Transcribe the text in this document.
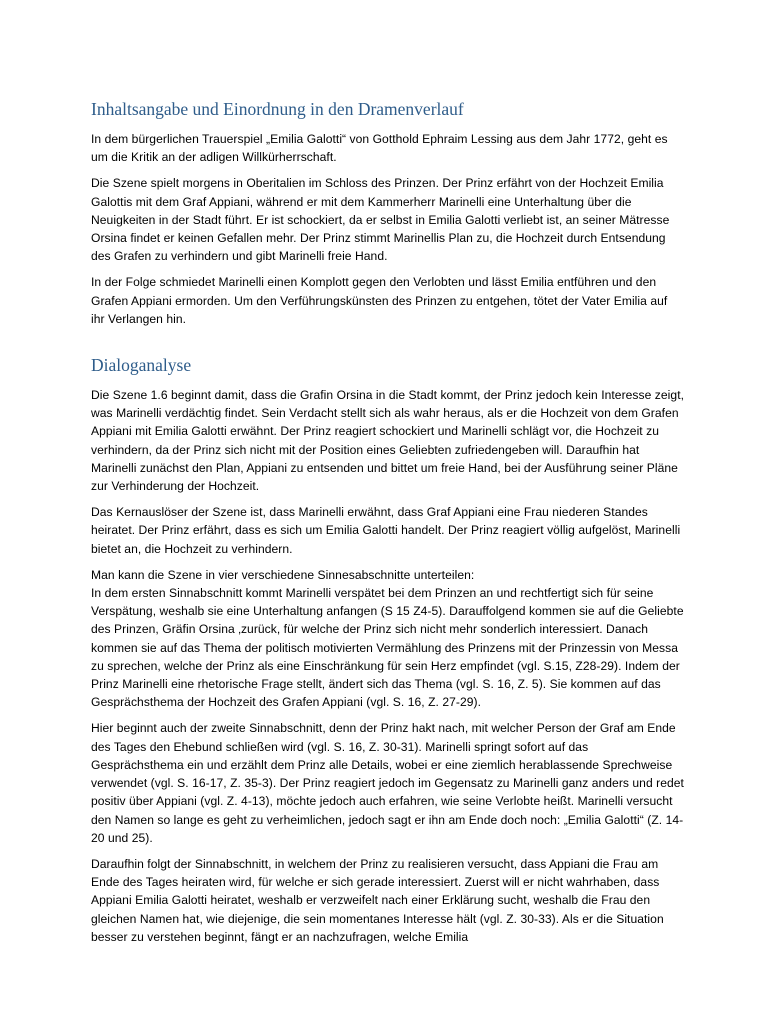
Inhaltsangabe und Einordnung in den Dramenverlauf

In dem bürgerlichen Trauerspiel „Emilia Galotti“ von Gotthold Ephraim Lessing aus dem Jahr 1772, geht es um die Kritik an der adligen Willkürherrschaft.

Die Szene spielt morgens in Oberitalien im Schloss des Prinzen. Der Prinz erfährt von der Hochzeit Emilia Galottis mit dem Graf Appiani, während er mit dem Kammerherr Marinelli eine Unterhaltung über die Neuigkeiten in der Stadt führt. Er ist schockiert, da er selbst in Emilia Galotti verliebt ist, an seiner Mätresse Orsina findet er keinen Gefallen mehr. Der Prinz stimmt Marinellis Plan zu, die Hochzeit durch Entsendung des Grafen zu verhindern und gibt Marinelli freie Hand.

In der Folge schmiedet Marinelli einen Komplott gegen den Verlobten und lässt Emilia entführen und den Grafen Appiani ermorden. Um den Verführungskünsten des Prinzen zu entgehen, tötet der Vater Emilia auf ihr Verlangen hin.

Dialoganalyse

Die Szene 1.6 beginnt damit, dass die Grafin Orsina in die Stadt kommt, der Prinz jedoch kein Interesse zeigt, was Marinelli verdächtig findet. Sein Verdacht stellt sich als wahr heraus, als er die Hochzeit von dem Grafen Appiani mit Emilia Galotti erwähnt. Der Prinz reagiert schockiert und Marinelli schlägt vor, die Hochzeit zu verhindern, da der Prinz sich nicht mit der Position eines Geliebten zufriedengeben will. Daraufhin hat Marinelli zunächst den Plan, Appiani zu entsenden und bittet um freie Hand, bei der Ausführung seiner Pläne zur Verhinderung der Hochzeit.

Das Kernauslöser der Szene ist, dass Marinelli erwähnt, dass Graf Appiani eine Frau niederen Standes heiratet. Der Prinz erfährt, dass es sich um Emilia Galotti handelt. Der Prinz reagiert völlig aufgelöst, Marinelli bietet an, die Hochzeit zu verhindern.

Man kann die Szene in vier verschiedene Sinnesabschnitte unterteilen:
In dem ersten Sinnabschnitt kommt Marinelli verspätet bei dem Prinzen an und rechtfertigt sich für seine Verspätung, weshalb sie eine Unterhaltung anfangen (S 15 Z4-5). Darauffolgend kommen sie auf die Geliebte des Prinzen, Gräfin Orsina ‚zurück, für welche der Prinz sich nicht mehr sonderlich interessiert. Danach kommen sie auf das Thema der politisch motivierten Vermählung des Prinzens mit der Prinzessin von Messa zu sprechen, welche der Prinz als eine Einschränkung für sein Herz empfindet (vgl. S.15, Z28-29). Indem der Prinz Marinelli eine rhetorische Frage stellt, ändert sich das Thema (vgl. S. 16, Z. 5). Sie kommen auf das Gesprächsthema der Hochzeit des Grafen Appiani (vgl. S. 16, Z. 27-29).

Hier beginnt auch der zweite Sinnabschnitt, denn der Prinz hakt nach, mit welcher Person der Graf am Ende des Tages den Ehebund schließen wird (vgl. S. 16, Z. 30-31). Marinelli springt sofort auf das Gesprächsthema ein und erzählt dem Prinz alle Details, wobei er eine ziemlich herablassende Sprechweise verwendet (vgl. S. 16-17, Z. 35-3). Der Prinz reagiert jedoch im Gegensatz zu Marinelli ganz anders und redet positiv über Appiani (vgl. Z. 4-13), möchte jedoch auch erfahren, wie seine Verlobte heißt. Marinelli versucht den Namen so lange es geht zu verheimlichen, jedoch sagt er ihn am Ende doch noch: „Emilia Galotti“ (Z. 14-20 und 25).

Daraufhin folgt der Sinnabschnitt, in welchem der Prinz zu realisieren versucht, dass Appiani die Frau am Ende des Tages heiraten wird, für welche er sich gerade interessiert. Zuerst will er nicht wahrhaben, dass Appiani Emilia Galotti heiratet, weshalb er verzweifelt nach einer Erklärung sucht, weshalb die Frau den gleichen Namen hat, wie diejenige, die sein momentanes Interesse hält (vgl. Z. 30-33). Als er die Situation besser zu verstehen beginnt, fängt er an nachzufragen, welche Emilia
